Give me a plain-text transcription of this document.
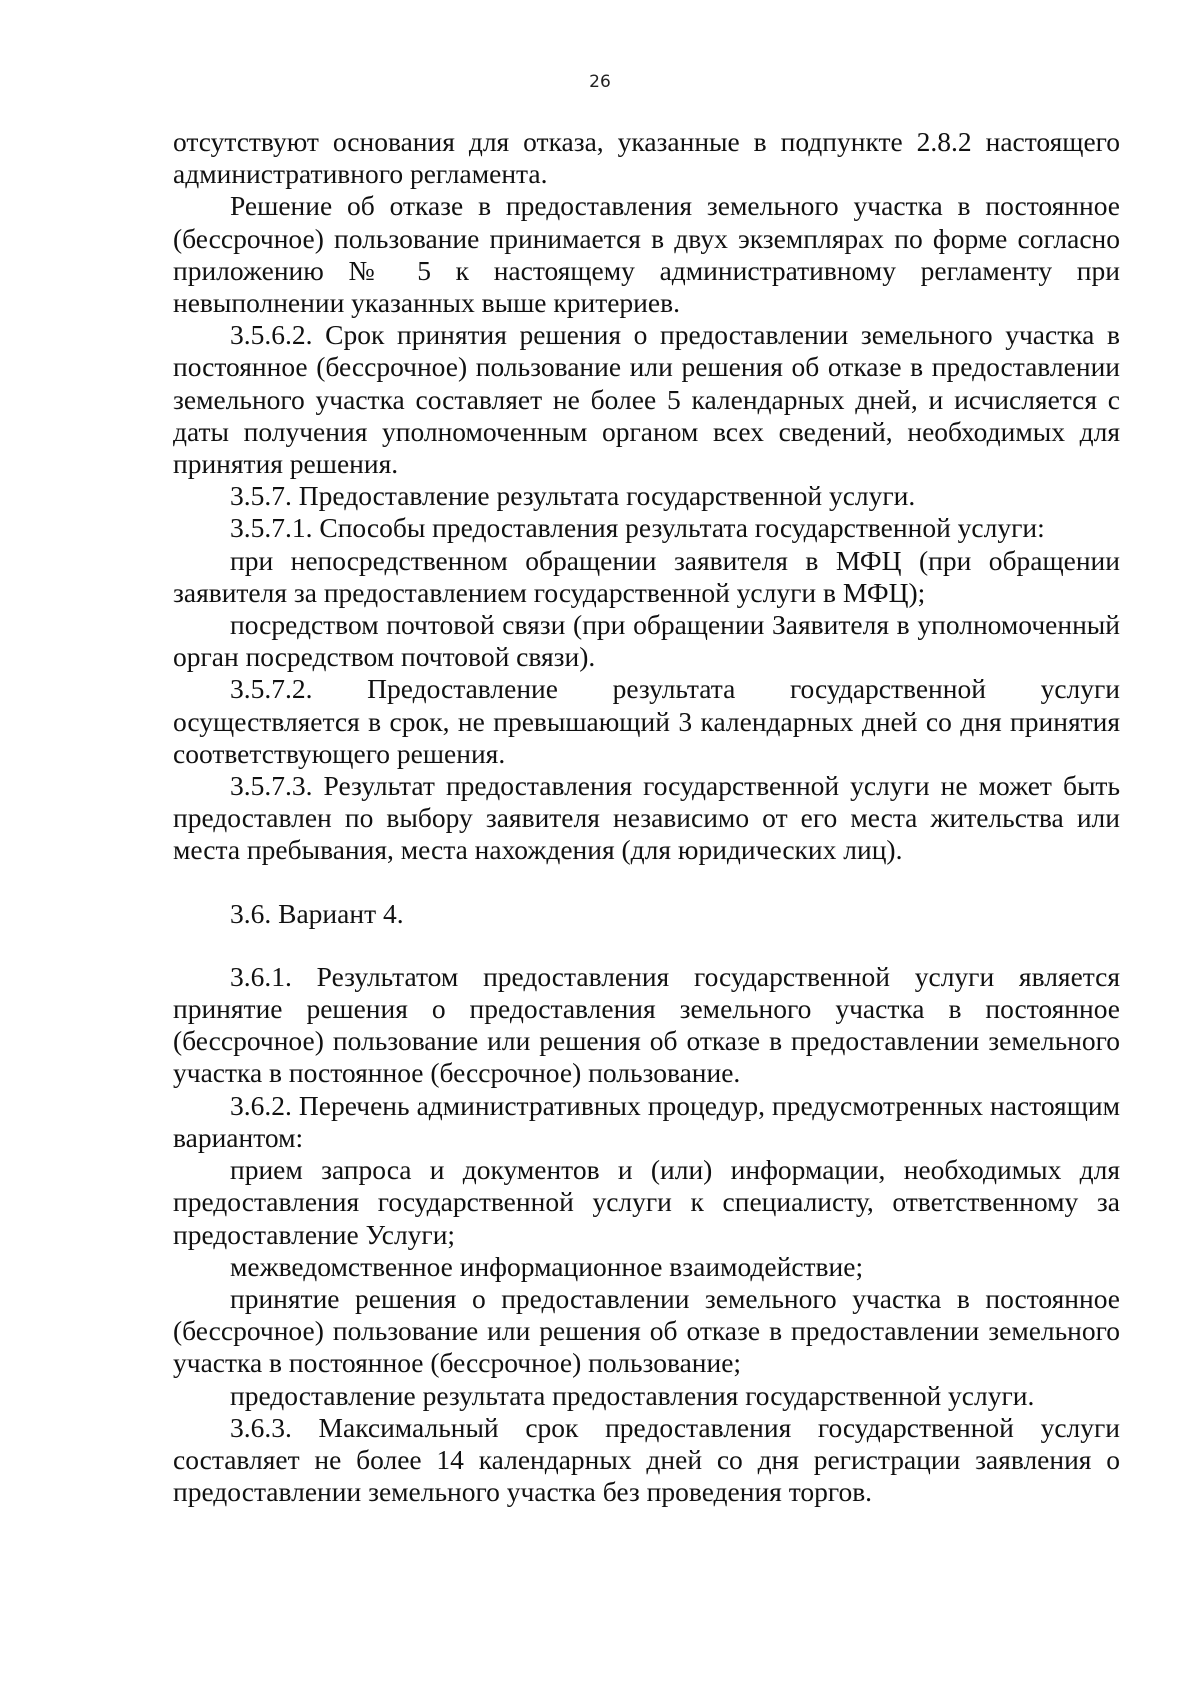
26

отсутствуют основания для отказа, указанные в подпункте 2.8.2 настоящего административного регламента.

Решение об отказе в предоставления земельного участка в постоянное (бессрочное) пользование принимается в двух экземплярах по форме согласно приложению № 5 к настоящему административному регламенту при невыполнении указанных выше критериев.

3.5.6.2. Срок принятия решения о предоставлении земельного участка в постоянное (бессрочное) пользование или решения об отказе в предоставлении земельного участка составляет не более 5 календарных дней, и исчисляется с даты получения уполномоченным органом всех сведений, необходимых для принятия решения.

3.5.7. Предоставление результата государственной услуги.

3.5.7.1. Способы предоставления результата государственной услуги:

при непосредственном обращении заявителя в МФЦ (при обращении заявителя за предоставлением государственной услуги в МФЦ);

посредством почтовой связи (при обращении Заявителя в уполномоченный орган посредством почтовой связи).

3.5.7.2. Предоставление результата государственной услуги осуществляется в срок, не превышающий 3 календарных дней со дня принятия соответствующего решения.

3.5.7.3. Результат предоставления государственной услуги не может быть предоставлен по выбору заявителя независимо от его места жительства или места пребывания, места нахождения (для юридических лиц).

3.6. Вариант 4.

3.6.1. Результатом предоставления государственной услуги является принятие решения о предоставления земельного участка в постоянное (бессрочное) пользование или решения об отказе в предоставлении земельного участка в постоянное (бессрочное) пользование.

3.6.2. Перечень административных процедур, предусмотренных настоящим вариантом:

прием запроса и документов и (или) информации, необходимых для предоставления государственной услуги к специалисту, ответственному за предоставление Услуги;

межведомственное информационное взаимодействие;

принятие решения о предоставлении земельного участка в постоянное (бессрочное) пользование или решения об отказе в предоставлении земельного участка в постоянное (бессрочное) пользование;

предоставление результата предоставления государственной услуги.

3.6.3. Максимальный срок предоставления государственной услуги составляет не более 14 календарных дней со дня регистрации заявления о предоставлении земельного участка без проведения торгов.
